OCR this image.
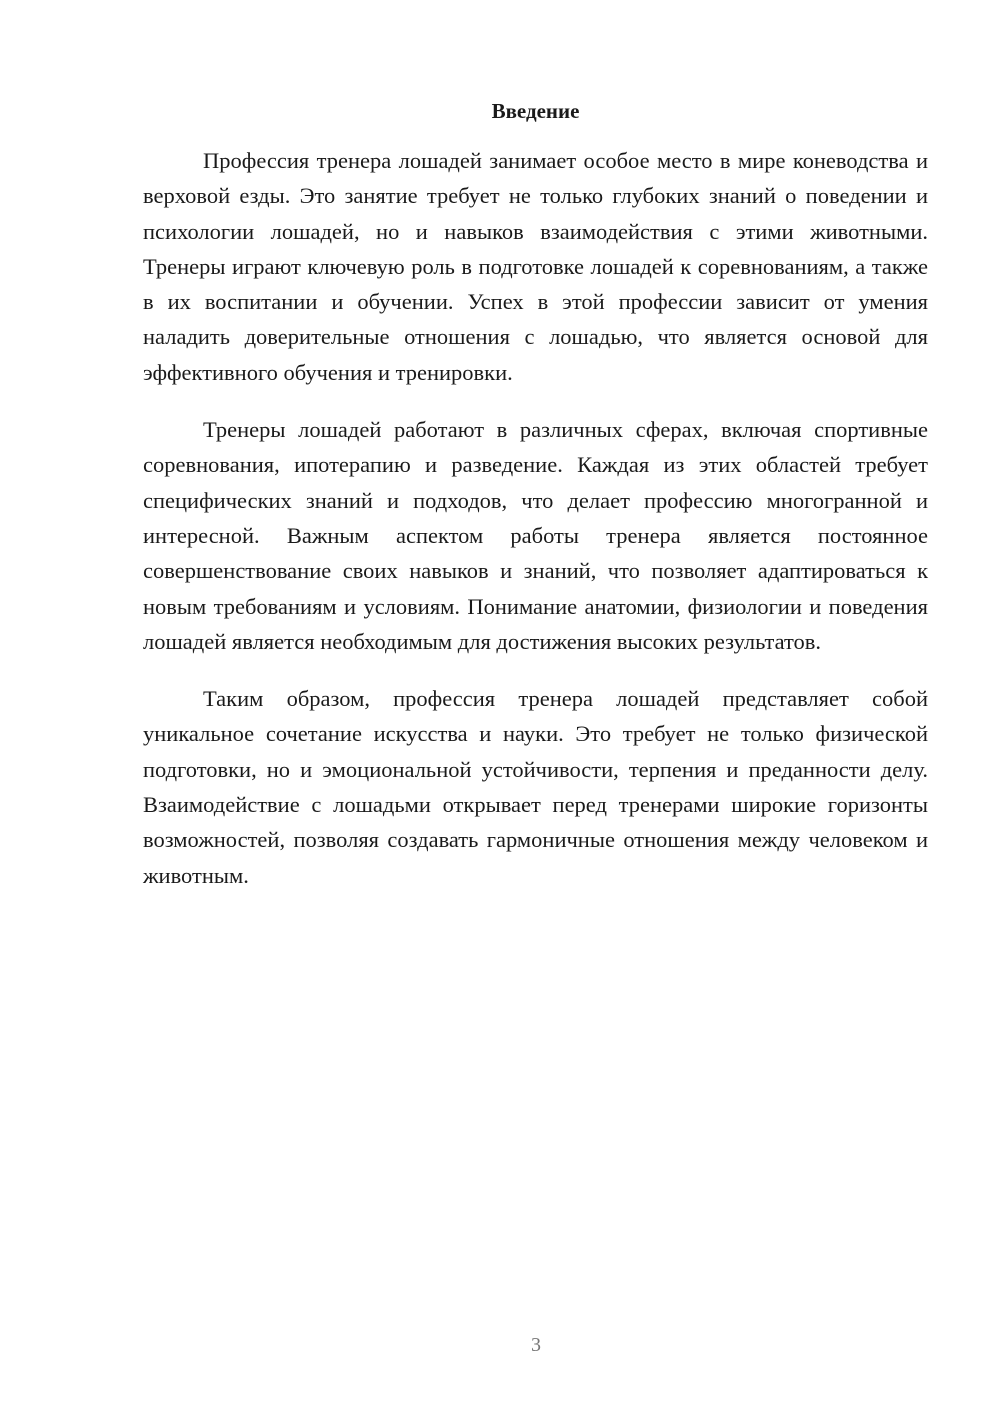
Введение

Профессия тренера лошадей занимает особое место в мире коневодства и верховой езды. Это занятие требует не только глубоких знаний о поведении и психологии лошадей, но и навыков взаимодействия с этими животными. Тренеры играют ключевую роль в подготовке лошадей к соревнованиям, а также в их воспитании и обучении. Успех в этой профессии зависит от умения наладить доверительные отношения с лошадью, что является основой для эффективного обучения и тренировки.

Тренеры лошадей работают в различных сферах, включая спортивные соревнования, ипотерапию и разведение. Каждая из этих областей требует специфических знаний и подходов, что делает профессию многогранной и интересной. Важным аспектом работы тренера является постоянное совершенствование своих навыков и знаний, что позволяет адаптироваться к новым требованиям и условиям. Понимание анатомии, физиологии и поведения лошадей является необходимым для достижения высоких результатов.

Таким образом, профессия тренера лошадей представляет собой уникальное сочетание искусства и науки. Это требует не только физической подготовки, но и эмоциональной устойчивости, терпения и преданности делу. Взаимодействие с лошадьми открывает перед тренерами широкие горизонты возможностей, позволяя создавать гармоничные отношения между человеком и животным.

3
